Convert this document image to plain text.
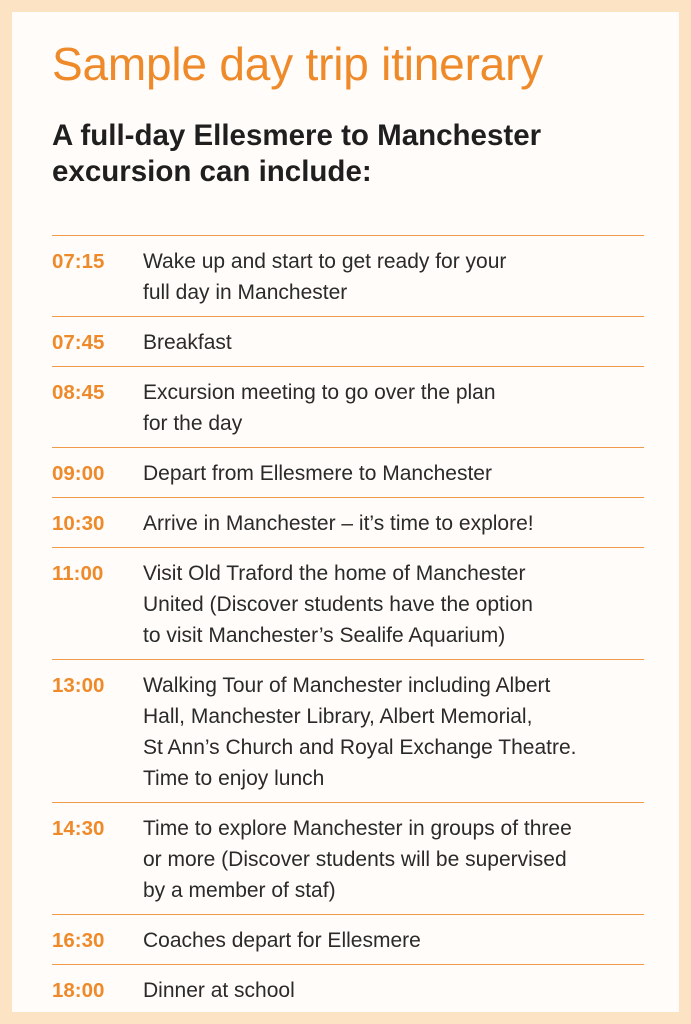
Sample day trip itinerary
A full-day Ellesmere to Manchester
excursion can include:
07:15	Wake up and start to get ready for your
full day in Manchester
07:45	Breakfast
08:45	Excursion meeting to go over the plan
for the day
09:00	Depart from Ellesmere to Manchester
10:30	Arrive in Manchester – it’s time to explore!
11:00	Visit Old Traford the home of Manchester
United (Discover students have the option
to visit Manchester’s Sealife Aquarium)
13:00	Walking Tour of Manchester including Albert
Hall, Manchester Library, Albert Memorial,
St Ann’s Church and Royal Exchange Theatre.
Time to enjoy lunch
14:30	Time to explore Manchester in groups of three
or more (Discover students will be supervised
by a member of staf)
16:30	Coaches depart for Ellesmere
18:00	Dinner at school
